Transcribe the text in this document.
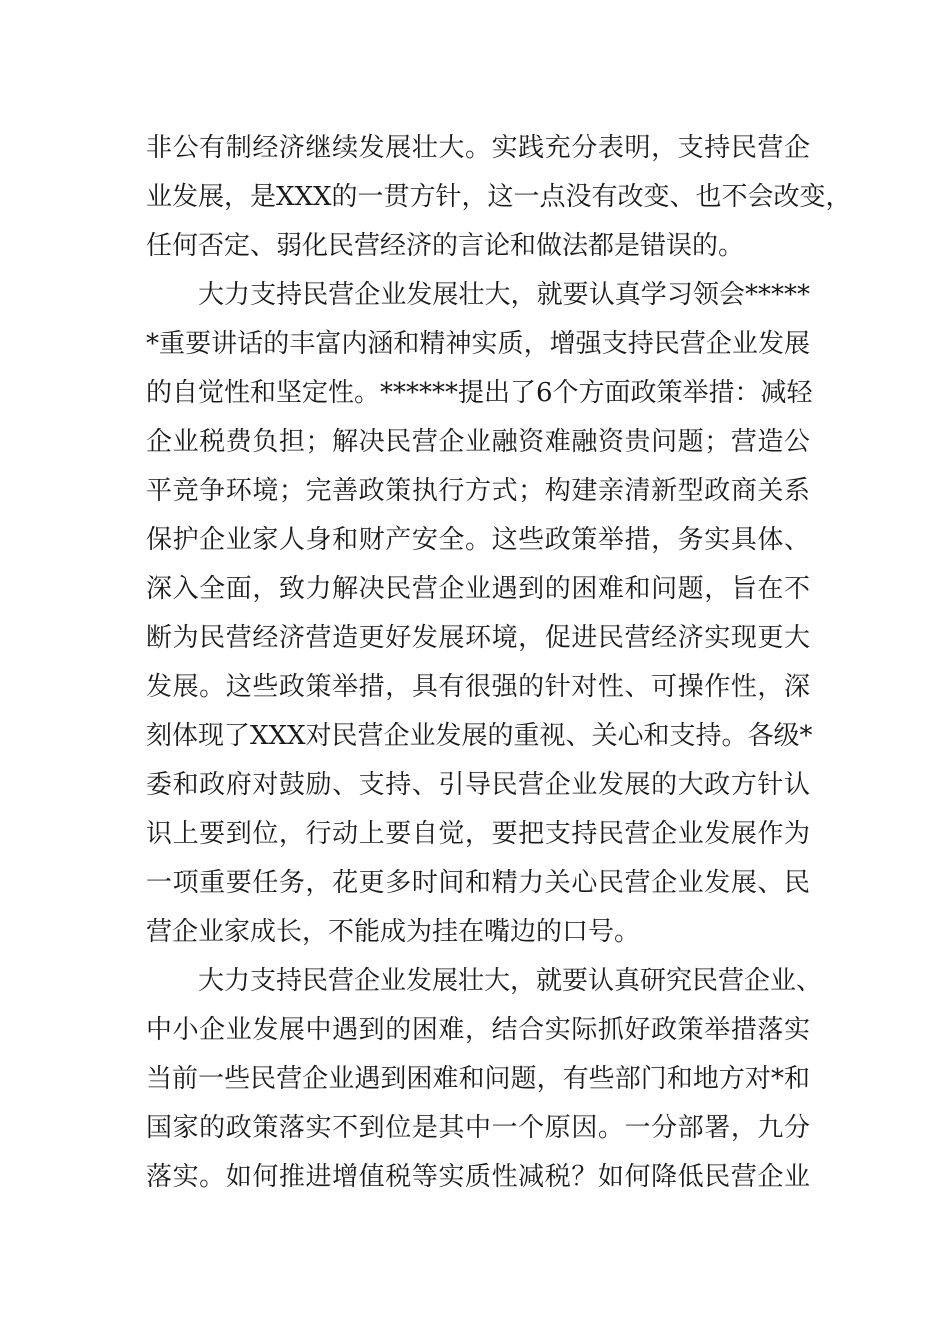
非公有制经济继续发展壮大。实践充分表明，支持民营企
业发展，是XXX的一贯方针，这一点没有改变、也不会改变，
任何否定、弱化民营经济的言论和做法都是错误的。
大力支持民营企业发展壮大，就要认真学习领会*****
*重要讲话的丰富内涵和精神实质，增强支持民营企业发展
的自觉性和坚定性。******提出了6个方面政策举措：减轻
企业税费负担；解决民营企业融资难融资贵问题；营造公
平竞争环境；完善政策执行方式；构建亲清新型政商关系
保护企业家人身和财产安全。这些政策举措，务实具体、
深入全面，致力解决民营企业遇到的困难和问题，旨在不
断为民营经济营造更好发展环境，促进民营经济实现更大
发展。这些政策举措，具有很强的针对性、可操作性，深
刻体现了XXX对民营企业发展的重视、关心和支持。各级*
委和政府对鼓励、支持、引导民营企业发展的大政方针认
识上要到位，行动上要自觉，要把支持民营企业发展作为
一项重要任务，花更多时间和精力关心民营企业发展、民
营企业家成长，不能成为挂在嘴边的口号。
大力支持民营企业发展壮大，就要认真研究民营企业、
中小企业发展中遇到的困难，结合实际抓好政策举措落实
当前一些民营企业遇到困难和问题，有些部门和地方对*和
国家的政策落实不到位是其中一个原因。一分部署，九分
落实。如何推进增值税等实质性减税？如何降低民营企业
